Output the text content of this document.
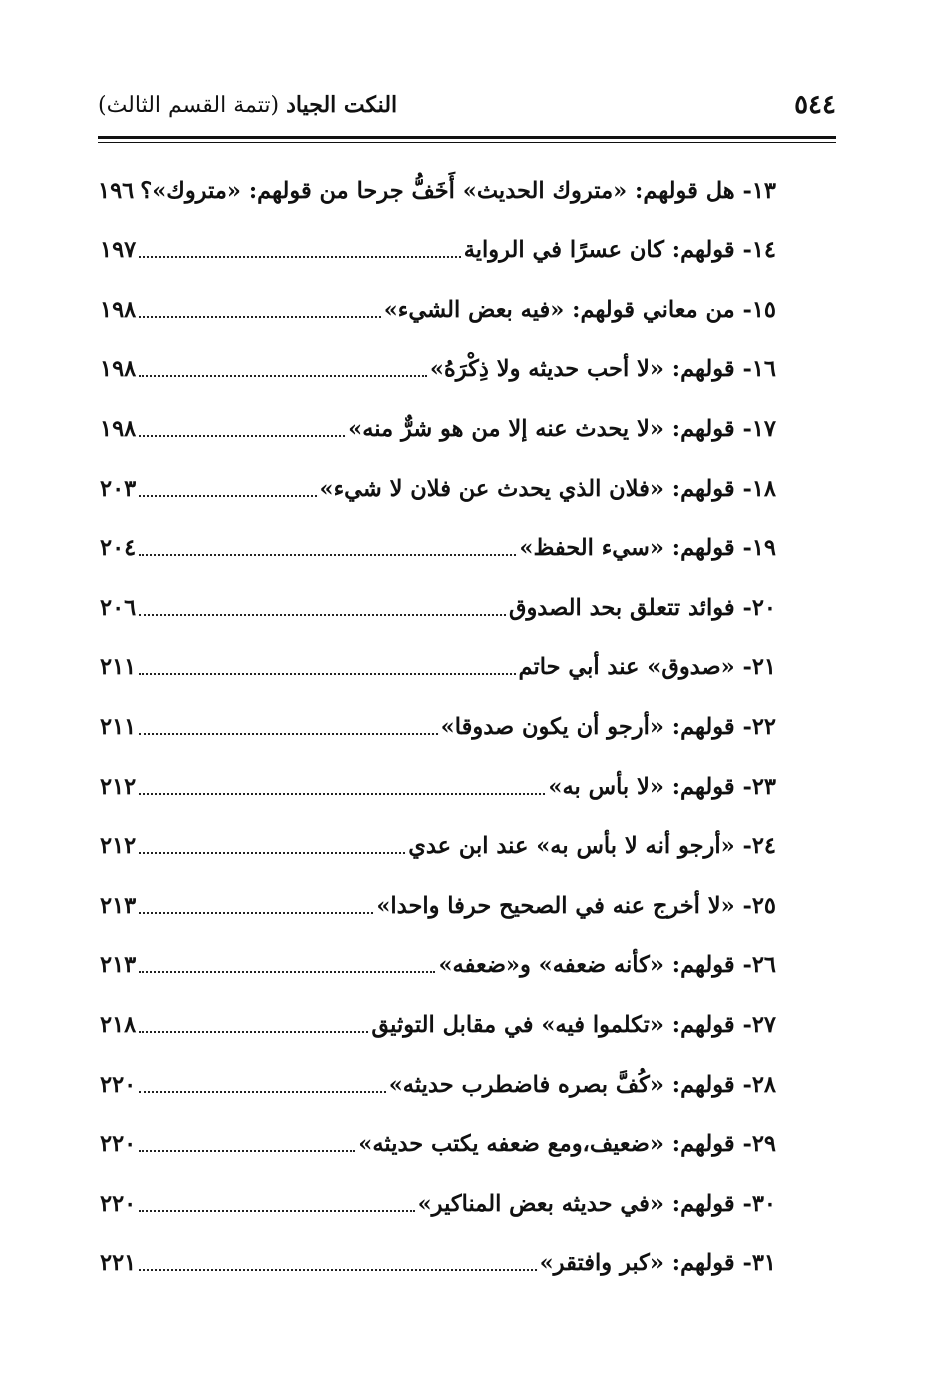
٥٤٤
النكت الجياد (تتمة القسم الثالث)
١٣- هل قولهم: «متروك الحديث» أَخَفُّ جرحا من قولهم: «متروك»؟
١٩٦
١٤- قولهم: كان عسرًا في الرواية
١٩٧
١٥- من معاني قولهم: «فيه بعض الشيء»
١٩٨
١٦- قولهم: «لا أحب حديثه ولا ذِكْرَهُ»
١٩٨
١٧- قولهم: «لا يحدث عنه إلا من هو شرٌّ منه»
١٩٨
١٨- قولهم: «فلان الذي يحدث عن فلان لا شيء»
٢٠٣
١٩- قولهم: «سيء الحفظ»
٢٠٤
٢٠- فوائد تتعلق بحد الصدوق
٢٠٦
٢١- «صدوق» عند أبي حاتم
٢١١
٢٢- قولهم: «أرجو أن يكون صدوقا»
٢١١
٢٣- قولهم: «لا بأس به»
٢١٢
٢٤- «أرجو أنه لا بأس به» عند ابن عدي
٢١٢
٢٥- «لا أخرج عنه في الصحيح حرفا واحدا»
٢١٣
٢٦- قولهم: «كأنه ضعفه» و«ضعفه»
٢١٣
٢٧- قولهم: «تكلموا فيه» في مقابل التوثيق
٢١٨
٢٨- قولهم: «كُفَّ بصره فاضطرب حديثه»
٢٢٠
٢٩- قولهم: «ضعيف،ومع ضعفه يكتب حديثه»
٢٢٠
٣٠- قولهم: «في حديثه بعض المناكير»
٢٢٠
٣١- قولهم: «كبر وافتقر»
٢٢١
